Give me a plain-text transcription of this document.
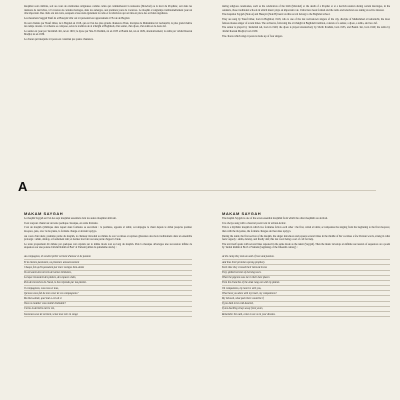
maqâmat sont célébrés, soit au cours de cérémonies religieuses comme celles qui commémorent la naissance (Mawlud) ou la mort du Prophète; soit dans les réunions de derviches, à l'occasion de certains mariages, dans les auberges, aux premiers jours de vacances. Le maqâm a longtemps traditionnellement joué un rôle important. Des clubs ont été créés, auxquels s'associent également la radio et la télévision qui ont mis en place des activités régulières.

Les musiciens Saggah Yusif Al et Husayni Umr ont ici présenté leur appartement à l'Ecole de Bagdad.

Ils sont chantés par Yusuf Omar, né à Bagdad en 1918, qui est l'un des plus grands chanteurs d'Irak, disciples de Muhammad al Gubantchi, le plus grand maître des temps récents. L'orchestre se compose, selon la tradition de al tchalghi al Baghdadi, d'un santur, d'un djoze, d'un zahla et de deux daf.

Le santur est joué par 'Abdallah 'Ali, né en 1919; le djoze par Sha-'ib Ibrahim, né en 1935 et Basim Ali, né en 1929, alternativement; la zahla par 'Abdul Razzak Madjid, né en 1939.

Le chœur qui interprète ici pesta est constitué par quatre chanteurs.

during religious ceremonies, such as the celebration of the birth (Mawlud) or the death of a Prophet or at a dervish reunion during certain marriages, in the outskirts, those traditional schools in which music plays an important role. Clubs have been formed and the radio and television are taking an active interest.

The maqamat Saygah (Side A) and Husayni (Side B) heard on this record belong to the Baghdad school.

They are sung by Yusuf Omar, born in Baghdad, 1918, who is one of the last well-known singers of the city, disciple of Muhammad al Gubantchi, the most famous master-singer of recent times. The orchestra, following the al tchalghi al Baghdadi tradition, consists of a santur, a djoze, a zahla, and two daf.

The santur is played by 'Abdallah Ali, born in 1929; the djoze is played alternatively by Sha'ib Ibrahim, born 1935, and Basim 'Ali, born 1929; the zahla by 'Abdul Razzak Madjid, born 1939.

The chorus which sings it pesta is made up of four singers.

A

MAKAM SAYGAH

Le maqâm Saygah est l'un des sept maqâmat essentiels dont les autres maqâmat dérivent.

Il est toujours chanté sur un texte poétique classique, en arabe littéraire.

C'est un maqâm rythmique dans lequel deux formules se succèdent : la première, appelée al tahrir, accompagne le chant depuis le début jusqu'au premier moqawa, puis, avec la moyanna, la formule change et devient iqaiyya.

Au cours d'un takrir, première partie du maqâm, le chanteur introduit au milieu de son vocalises et reprises glissantes des mots traditionnels dans un ensemble prolongé : amân, dalalay, et fondement dali; et dernier mot fait tout une partie d'appel à l'aide.

Le texte proprement dit débute par quelques vers répétés sur le même mode tout au long du maqâm. Puis la musique développe une succession infinie de séquences sur une poésie d'Abdul Rahim al Bori' al Yamani (début du quinzième siècle) :

Au compagnon, ils veulent prêter serment d'amour et de passion
Et la mienne passionné, ou plusieurs amoureusement
Chaque fois qu'ils passaient par leurs vestiges bien-aimés
Ils versaient des torrents de larmes brûlantes,
Lorsque trouvaient des plaines, des espaces vides,
Puis des branches de l'Arak, le bon répondu par ma plainte.
O compagnons, vous tous et tous,
Qu'avez-vous fait du mon cœur de vos compagnons?
Ma bien-aimée, quel mal a-t-il ait si
Vous ne moduler vous moitié d'aimable?
J'ai bu la dernière nuit le vin,
Souvenez-vous de serment, venez tous voir en songe

MAKAM SAYGAH

The maqâm Saygah is one of the seven essential maqâmât from which the other maqâmât are derived.

It is always sung with a classical poetic text in written Arabic.

This is a rhythmic maqâm in which two formulae follow each other : the first, called al tahrir, accompanies the singing from the beginning to the first moqawa; then with the moyanna, the formula changes and becomes iqaiyya.

During the takrir, the first section of the maqâm, the singer introduces and repeats several times in the middle of his vocalises a few Persian words, strung in what feels vaguely : amân, dalalay, and finally dali; this last word being a sort of call for help.

The text itself opens with several lines repeated in the same mode as the taksir (Saygah). Then the music develops an infinite succession of sequences on a poem by 'Abdul Rahim al Bori' al Yamani (beginning of the fifteenth century) :

At the camp they took an oath of love and passion.
And thus their promises sprang prophecy.
Each time they crossed their beloved traces
They spilled torrents of burning tears.
When the pigeons saw me in their bare places
Then the branches of the Arak rang out with my plaints.
Oh companions, my heart is with you,
What have you done with my heart, my companions?
My beloved, what pain there would be if
If you died to be cold-hearted,
If one dwelling strays away from yours,
Remember the oath, come to see us in your dreams.
